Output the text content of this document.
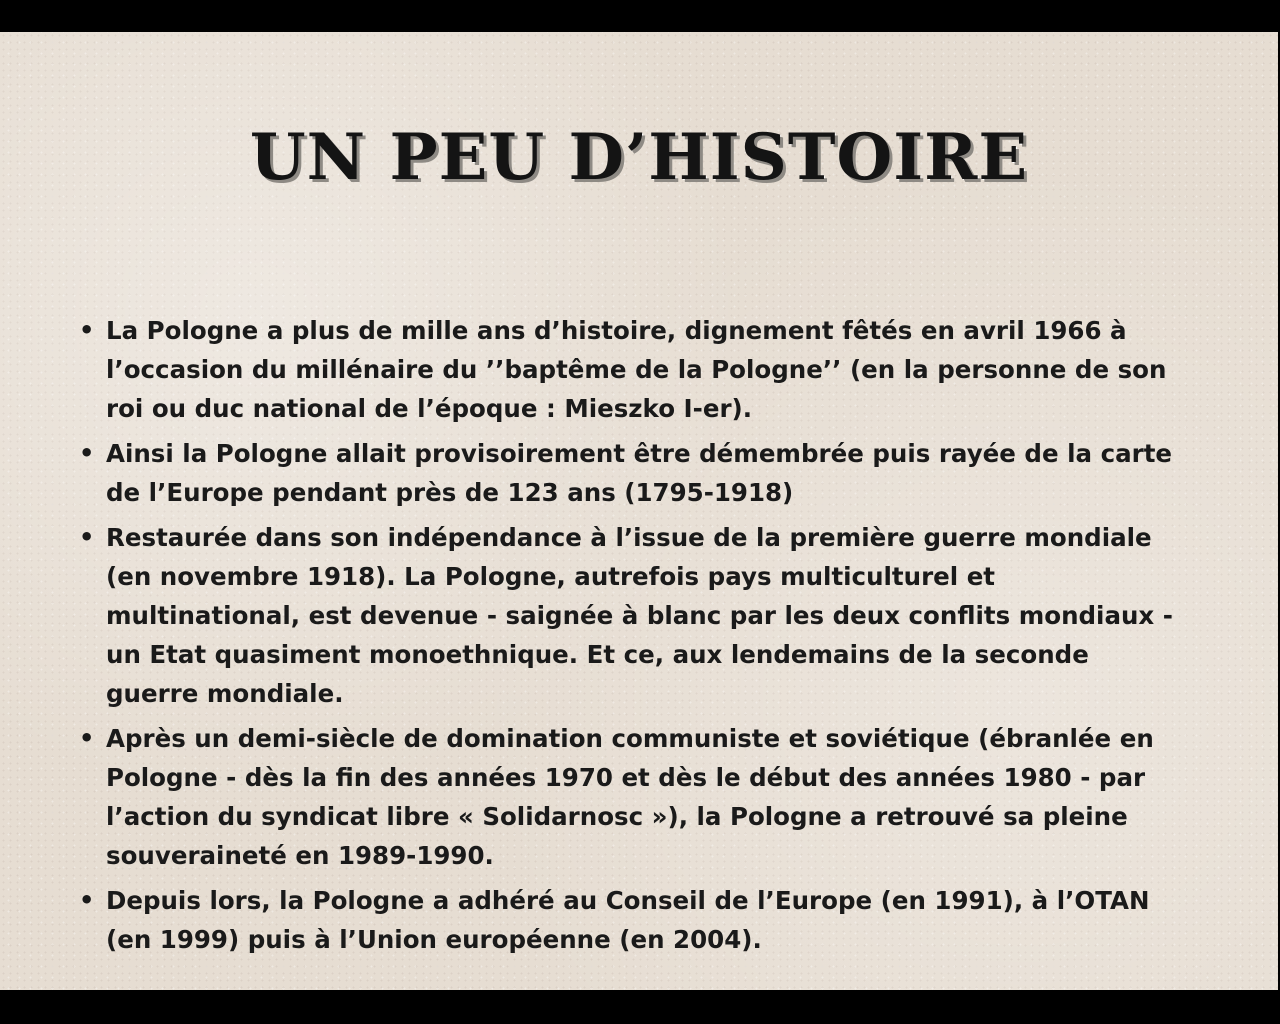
UN PEU D’HISTOIRE
• La Pologne a plus de mille ans d’histoire, dignement fêtés en avril 1966 à l’occasion du millénaire du ’’baptême de la Pologne’’ (en la personne de son roi ou duc national de l’époque : Mieszko I-er).
• Ainsi la Pologne allait provisoirement être démembrée puis rayée de la carte de l’Europe pendant près de 123 ans (1795-1918)
• Restaurée dans son indépendance à l’issue de la première guerre mondiale (en novembre 1918). La Pologne, autrefois pays multiculturel et multinational, est devenue - saignée à blanc par les deux conflits mondiaux - un Etat quasiment monoethnique. Et ce, aux lendemains de la seconde guerre mondiale.
• Après un demi-siècle de domination communiste et soviétique (ébranlée en Pologne - dès la fin des années 1970 et dès le début des années 1980 - par l’action du syndicat libre « Solidarnosc »), la Pologne a retrouvé sa pleine souveraineté en 1989-1990.
• Depuis lors, la Pologne a adhéré au Conseil de l’Europe (en 1991), à l’OTAN (en 1999) puis à l’Union européenne (en 2004).
